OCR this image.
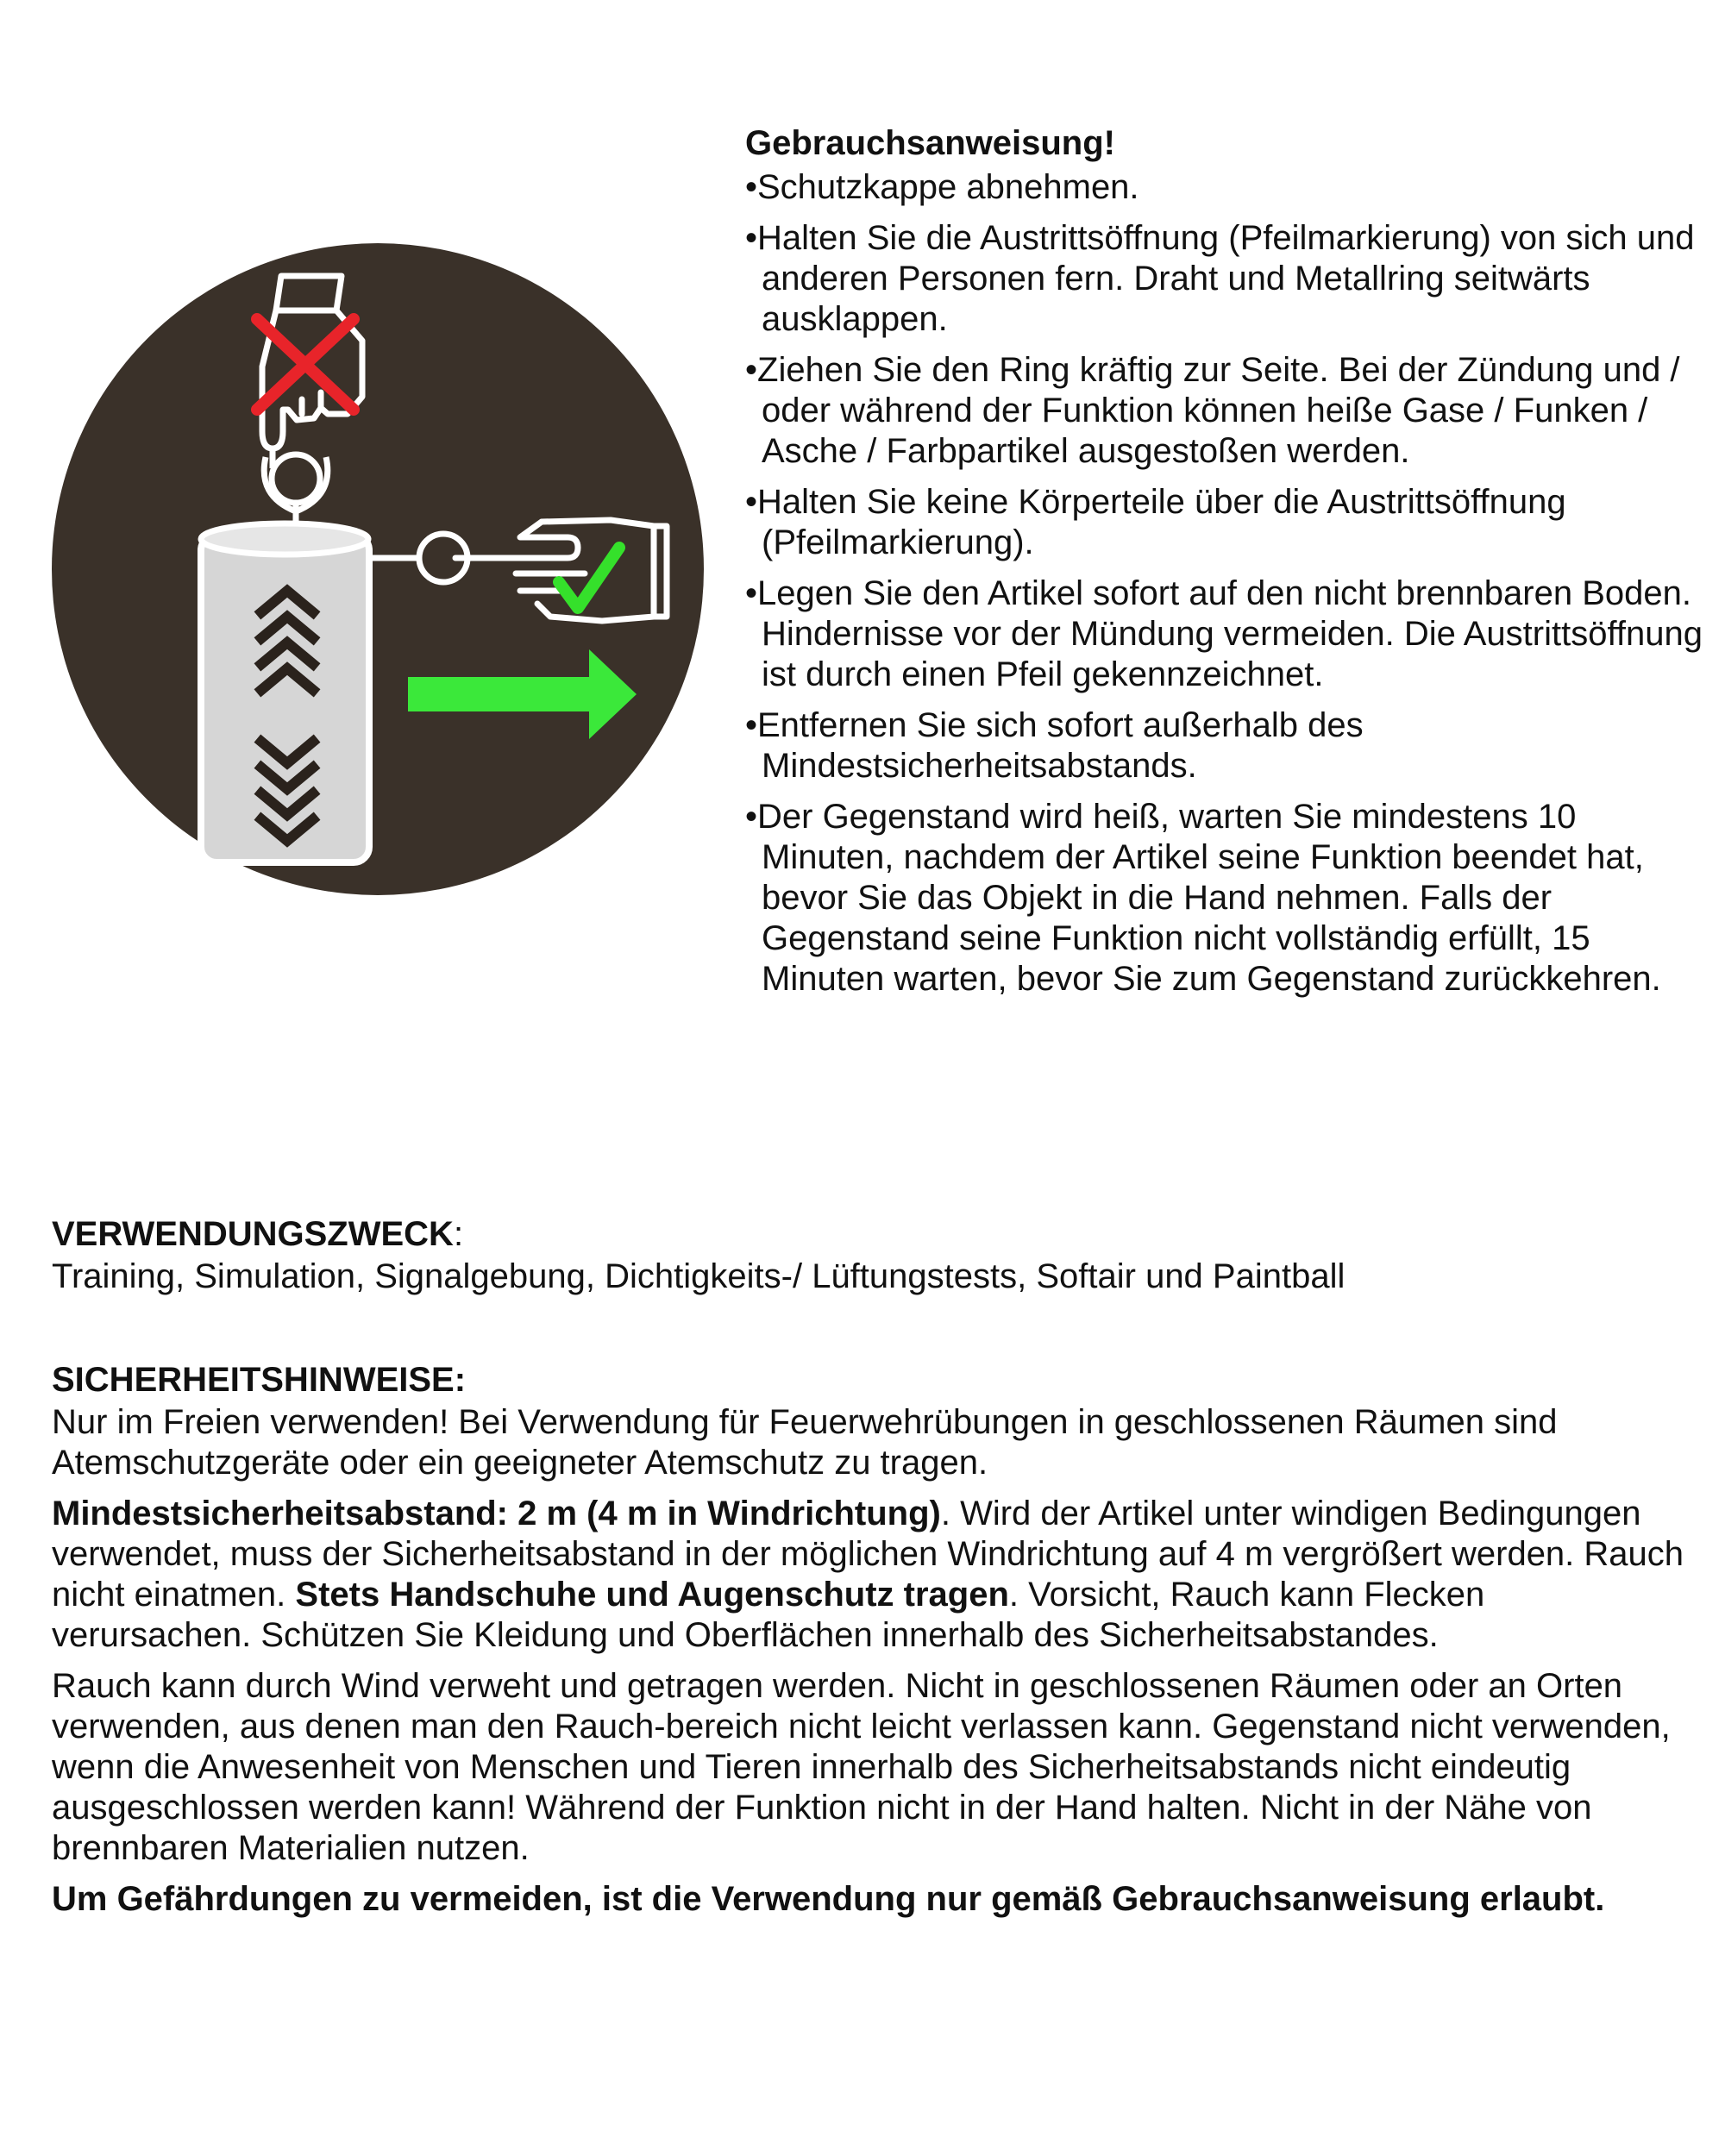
Gebrauchsanweisung!
•Schutzkappe abnehmen.
•Halten Sie die Austrittsöffnung (Pfeilmarkierung) von sich und anderen Personen fern. Draht und Metallring seitwärts ausklappen.
•Ziehen Sie den Ring kräftig zur Seite. Bei der Zündung und / oder während der Funktion können heiße Gase / Funken / Asche / Farbpartikel ausgestoßen werden.
•Halten Sie keine Körperteile über die Austrittsöffnung (Pfeilmarkierung).
•Legen Sie den Artikel sofort auf den nicht brennbaren Boden. Hindernisse vor der Mündung vermeiden. Die Austrittsöffnung ist durch einen Pfeil gekennzeichnet.
•Entfernen Sie sich sofort außerhalb des Mindestsicherheitsabstands.
•Der Gegenstand wird heiß, warten Sie mindestens 10 Minuten, nachdem der Artikel seine Funktion beendet hat, bevor Sie das Objekt in die Hand nehmen. Falls der Gegenstand seine Funktion nicht vollständig erfüllt, 15 Minuten warten, bevor Sie zum Gegenstand zurückkehren.
VERWENDUNGSZWECK:
Training, Simulation, Signalgebung, Dichtigkeits-/ Lüftungstests, Softair und Paintball
SICHERHEITSHINWEISE:
Nur im Freien verwenden! Bei Verwendung für Feuerwehrübungen in geschlossenen Räumen sind Atemschutzgeräte oder ein geeigneter Atemschutz zu tragen.
Mindestsicherheitsabstand: 2 m (4 m in Windrichtung). Wird der Artikel unter windigen Bedingungen verwendet, muss der Sicherheitsabstand in der möglichen Windrichtung auf 4 m vergrößert werden. Rauch nicht einatmen. Stets Handschuhe und Augenschutz tragen. Vorsicht, Rauch kann Flecken verursachen. Schützen Sie Kleidung und Oberflächen innerhalb des Sicherheitsabstandes.
Rauch kann durch Wind verweht und getragen werden. Nicht in geschlossenen Räumen oder an Orten verwenden, aus denen man den Rauch-bereich nicht leicht verlassen kann. Gegenstand nicht verwenden, wenn die Anwesenheit von Menschen und Tieren innerhalb des Sicherheitsabstands nicht eindeutig ausgeschlossen werden kann! Während der Funktion nicht in der Hand halten. Nicht in der Nähe von brennbaren Materialien nutzen.
Um Gefährdungen zu vermeiden, ist die Verwendung nur gemäß Gebrauchsanweisung erlaubt.
